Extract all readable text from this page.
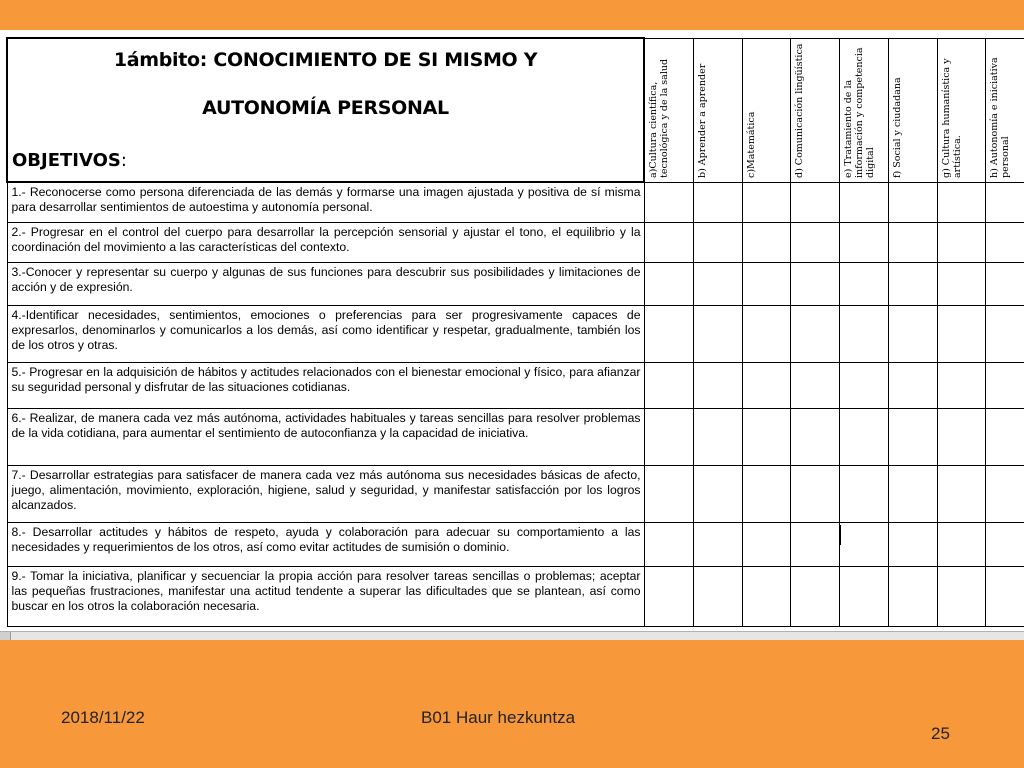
1ámbito: CONOCIMIENTO DE SI MISMO Y
AUTONOMÍA PERSONAL
OBJETIVOS:	a)Cultura científica, tecnológica y de la salud	b) Aprender a aprender	c)Matemática	d) Comunicación lingüística	e) Tratamiento de la información y competencia digital	f) Social y ciudadana	g) Cultura humanística y artística.	h) Autonomía e iniciativa personal	

1.- Reconocerse como persona diferenciada de las demás y formarse una imagen ajustada y positiva de sí misma para desarrollar sentimientos de autoestima y autonomía personal.									

2.- Progresar en el control del cuerpo para desarrollar la percepción sensorial y ajustar el tono, el equilibrio y la coordinación del movimiento a las características del contexto.									

3.-Conocer y representar su cuerpo y algunas de sus funciones para descubrir sus posibilidades y limitaciones de acción y de expresión.									

4.-Identificar necesidades, sentimientos, emociones o preferencias para ser progresivamente capaces de expresarlos, denominarlos y comunicarlos a los demás, así como identificar y respetar, gradualmente, también los de los otros y otras.									

5.- Progresar en la adquisición de hábitos y actitudes relacionados con el bienestar emocional y físico, para afianzar su seguridad personal y disfrutar de las situaciones cotidianas.									

6.- Realizar, de manera cada vez más autónoma, actividades habituales y tareas sencillas para resolver problemas de la vida cotidiana, para aumentar el sentimiento de autoconfianza y la capacidad de iniciativa.									

7.- Desarrollar estrategias para satisfacer de manera cada vez más autónoma sus necesidades básicas de afecto, juego, alimentación, movimiento, exploración, higiene, salud y seguridad, y manifestar satisfacción por los logros alcanzados.									

8.- Desarrollar actitudes y hábitos de respeto, ayuda y colaboración para adecuar su comportamiento a las necesidades y requerimientos de los otros, así como evitar actitudes de sumisión o dominio.									

9.- Tomar la iniciativa, planificar y secuenciar la propia acción para resolver tareas sencillas o problemas; aceptar las pequeñas frustraciones, manifestar una actitud tendente a superar las dificultades que se plantean, así como buscar en los otros la colaboración necesaria.									

2018/11/22	B01 Haur hezkuntza
25
